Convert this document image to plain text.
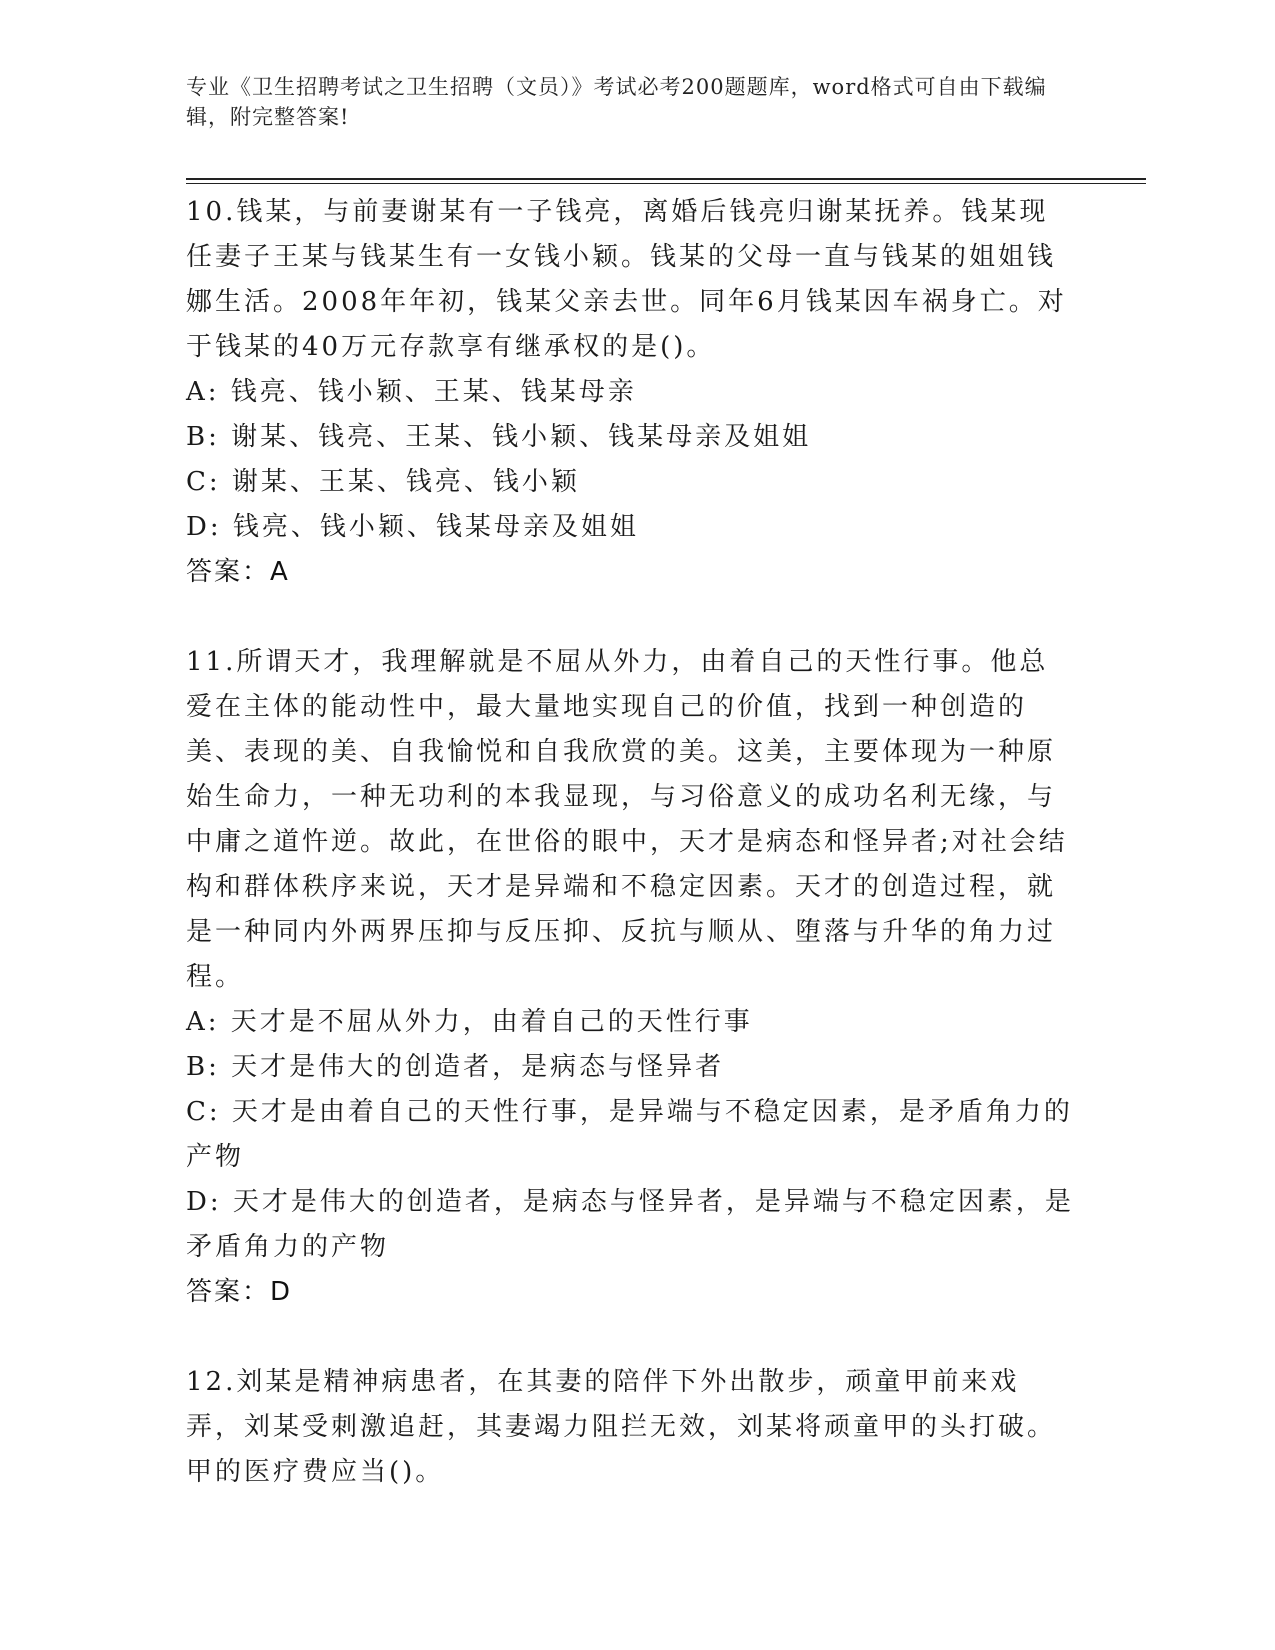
专业《卫生招聘考试之卫生招聘（文员）》考试必考200题题库，word格式可自由下载编辑，附完整答案!

10.钱某，与前妻谢某有一子钱亮，离婚后钱亮归谢某抚养。钱某现任妻子王某与钱某生有一女钱小颖。钱某的父母一直与钱某的姐姐钱娜生活。2008年年初，钱某父亲去世。同年6月钱某因车祸身亡。对于钱某的40万元存款享有继承权的是()。

A: 钱亮、钱小颖、王某、钱某母亲

B: 谢某、钱亮、王某、钱小颖、钱某母亲及姐姐

C: 谢某、王某、钱亮、钱小颖

D: 钱亮、钱小颖、钱某母亲及姐姐

答案：A

11.所谓天才，我理解就是不屈从外力，由着自己的天性行事。他总爱在主体的能动性中，最大量地实现自己的价值，找到一种创造的美、表现的美、自我愉悦和自我欣赏的美。这美，主要体现为一种原始生命力，一种无功利的本我显现，与习俗意义的成功名利无缘，与中庸之道忤逆。故此，在世俗的眼中，天才是病态和怪异者;对社会结构和群体秩序来说，天才是异端和不稳定因素。天才的创造过程，就是一种同内外两界压抑与反压抑、反抗与顺从、堕落与升华的角力过程。

A: 天才是不屈从外力，由着自己的天性行事

B: 天才是伟大的创造者，是病态与怪异者

C: 天才是由着自己的天性行事，是异端与不稳定因素，是矛盾角力的产物

D: 天才是伟大的创造者，是病态与怪异者，是异端与不稳定因素，是矛盾角力的产物

答案：D

12.刘某是精神病患者，在其妻的陪伴下外出散步，顽童甲前来戏弄，刘某受刺激追赶，其妻竭力阻拦无效，刘某将顽童甲的头打破。甲的医疗费应当()。
